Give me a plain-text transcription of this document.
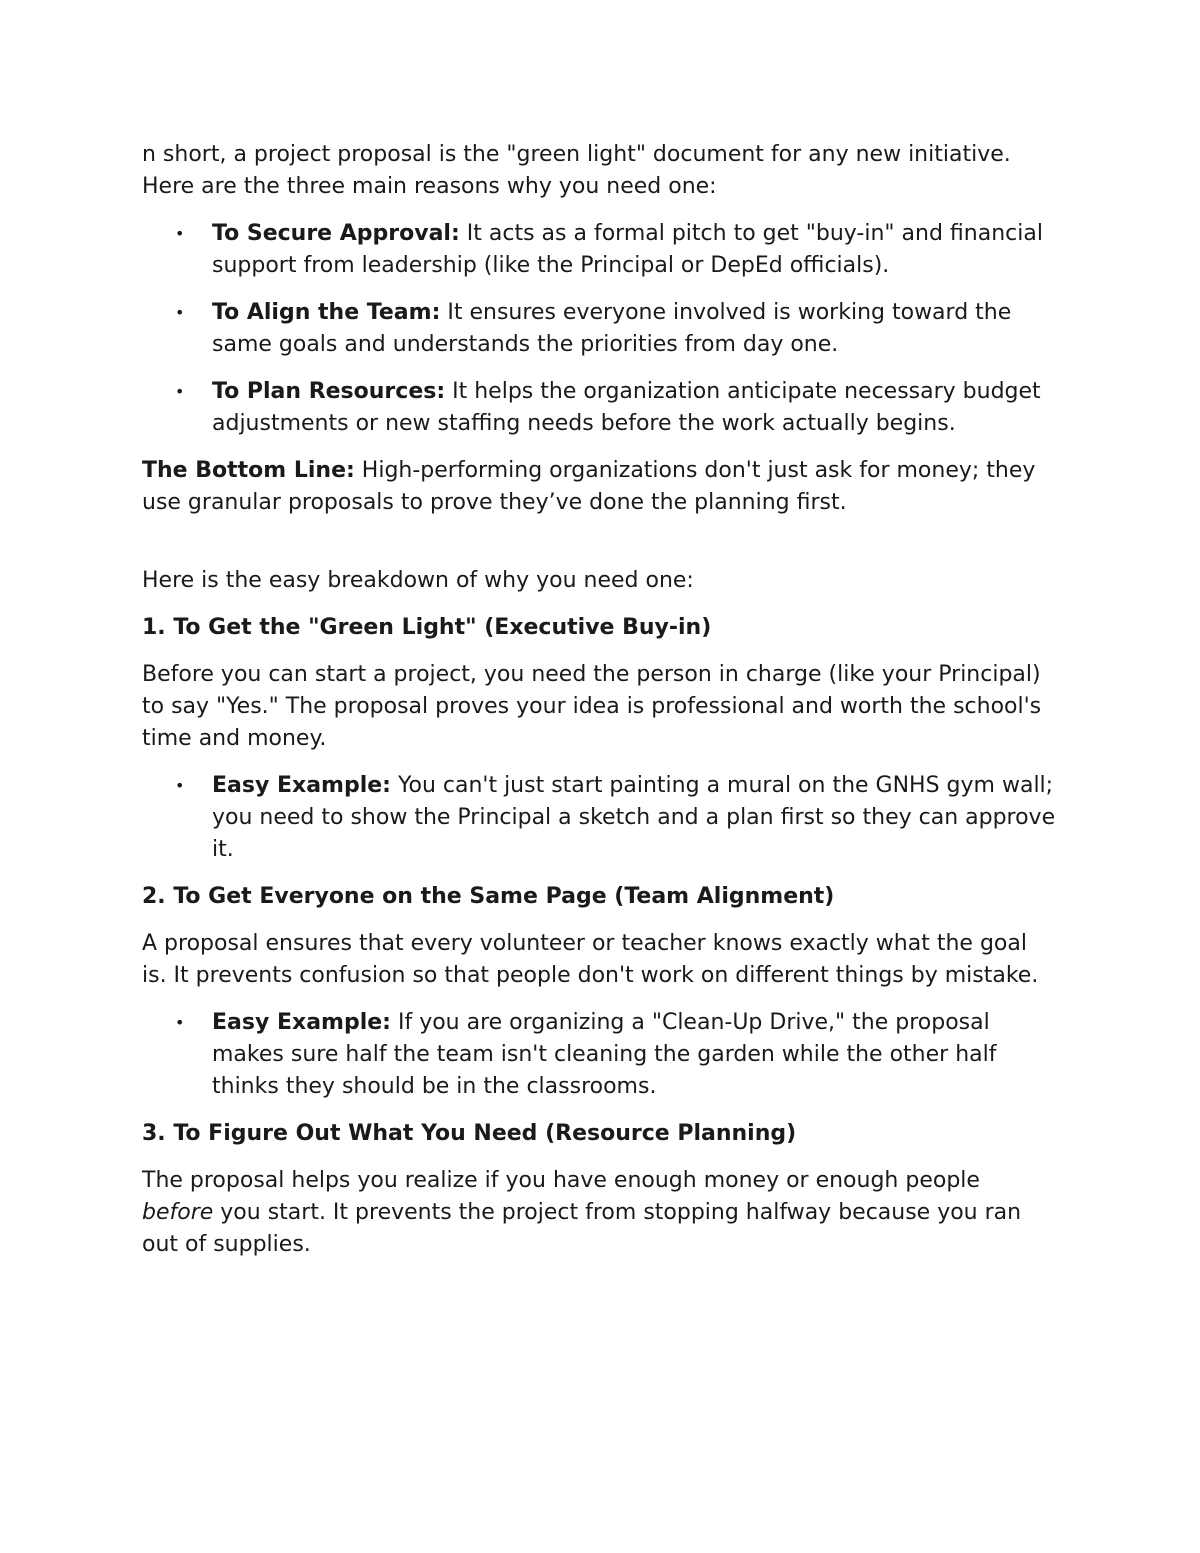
n short, a project proposal is the "green light" document for any new initiative. Here are the three main reasons why you need one:

• To Secure Approval: It acts as a formal pitch to get "buy-in" and financial support from leadership (like the Principal or DepEd officials).
• To Align the Team: It ensures everyone involved is working toward the same goals and understands the priorities from day one.
• To Plan Resources: It helps the organization anticipate necessary budget adjustments or new staffing needs before the work actually begins.

The Bottom Line: High-performing organizations don't just ask for money; they use granular proposals to prove they’ve done the planning first.

Here is the easy breakdown of why you need one:

1. To Get the "Green Light" (Executive Buy-in)

Before you can start a project, you need the person in charge (like your Principal) to say "Yes." The proposal proves your idea is professional and worth the school's time and money.

• Easy Example: You can't just start painting a mural on the GNHS gym wall; you need to show the Principal a sketch and a plan first so they can approve it.
2. To Get Everyone on the Same Page (Team Alignment)

A proposal ensures that every volunteer or teacher knows exactly what the goal is. It prevents confusion so that people don't work on different things by mistake.

• Easy Example: If you are organizing a "Clean-Up Drive," the proposal makes sure half the team isn't cleaning the garden while the other half thinks they should be in the classrooms.
3. To Figure Out What You Need (Resource Planning)

The proposal helps you realize if you have enough money or enough people before you start. It prevents the project from stopping halfway because you ran out of supplies.
